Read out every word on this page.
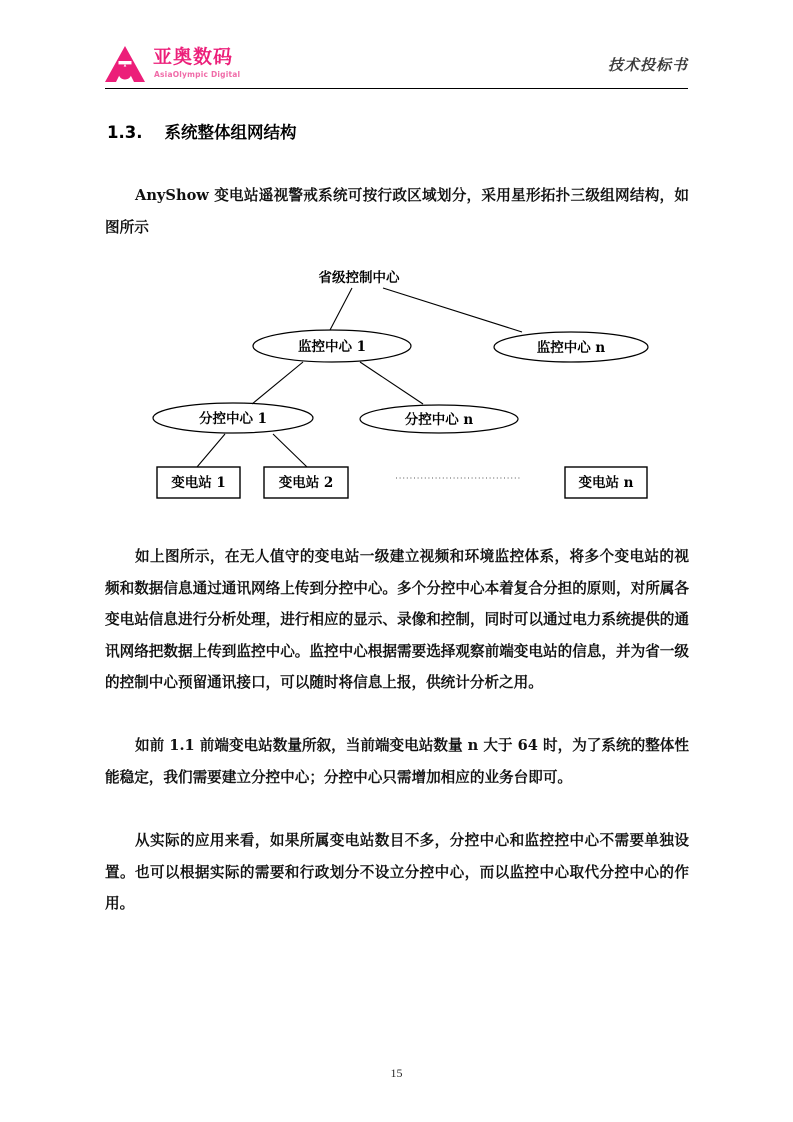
亚奥数码
AsiaOlympic Digital
技术投标书
1.3. 系统整体组网结构
AnyShow 变电站遥视警戒系统可按行政区域划分，采用星形拓扑三级组网结构，如图所示
省级控制中心
监控中心 1	监控中心 n
分控中心 1	分控中心 n
变电站 1	变电站 2	变电站 n
如上图所示，在无人值守的变电站一级建立视频和环境监控体系，将多个变电站的视频和数据信息通过通讯网络上传到分控中心。多个分控中心本着复合分担的原则，对所属各变电站信息进行分析处理，进行相应的显示、录像和控制，同时可以通过电力系统提供的通讯网络把数据上传到监控中心。监控中心根据需要选择观察前端变电站的信息，并为省一级的控制中心预留通讯接口，可以随时将信息上报，供统计分析之用。
如前 1.1 前端变电站数量所叙，当前端变电站数量 n 大于 64 时，为了系统的整体性能稳定，我们需要建立分控中心；分控中心只需增加相应的业务台即可。
从实际的应用来看，如果所属变电站数目不多，分控中心和监控控中心不需要单独设置。也可以根据实际的需要和行政划分不设立分控中心，而以监控中心取代分控中心的作用。
15
